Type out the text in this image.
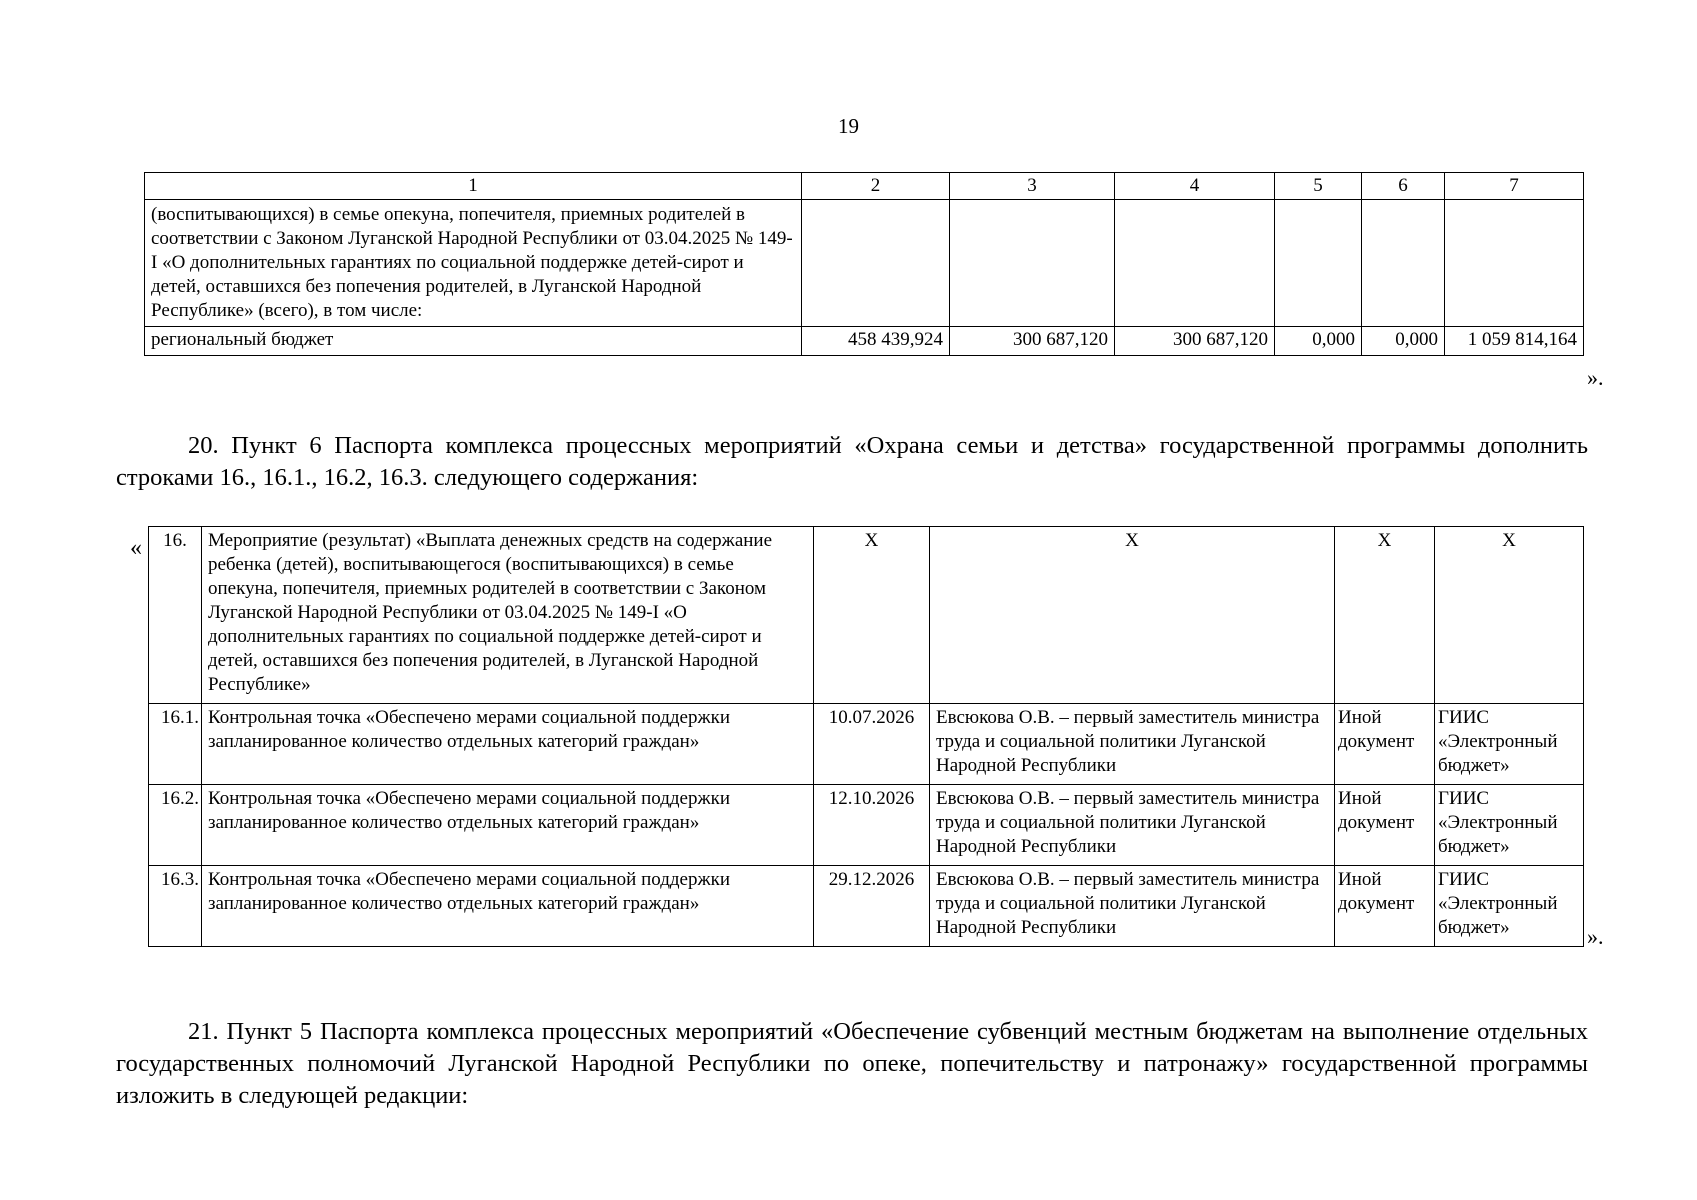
19
1	2	3	4	5	6	7
(воспитывающихся) в семье опекуна, попечителя, приемных родителей в соответствии с Законом Луганской Народной Республики от 03.04.2025 № 149-I «О дополнительных гарантиях по социальной поддержке детей-сирот и детей, оставшихся без попечения родителей, в Луганской Народной Республике» (всего), в том числе:						
региональный бюджет	458 439,924	300 687,120	300 687,120	0,000	0,000	1 059 814,164
».
20. Пункт 6 Паспорта комплекса процессных мероприятий «Охрана семьи и детства» государственной программы дополнить строками 16., 16.1., 16.2, 16.3. следующего содержания:
« 16.	Мероприятие (результат) «Выплата денежных средств на содержание ребенка (детей), воспитывающегося (воспитывающихся) в семье опекуна, попечителя, приемных родителей в соответствии с Законом Луганской Народной Республики от 03.04.2025 № 149-I «О дополнительных гарантиях по социальной поддержке детей-сирот и детей, оставшихся без попечения родителей, в Луганской Народной Республике»	X	X	X	X
16.1.	Контрольная точка «Обеспечено мерами социальной поддержки запланированное количество отдельных категорий граждан»	10.07.2026	Евсюкова О.В. – первый заместитель министра труда и социальной политики Луганской Народной Республики	Иной документ	ГИИС «Электронный бюджет»
16.2.	Контрольная точка «Обеспечено мерами социальной поддержки запланированное количество отдельных категорий граждан»	12.10.2026	Евсюкова О.В. – первый заместитель министра труда и социальной политики Луганской Народной Республики	Иной документ	ГИИС «Электронный бюджет»
16.3.	Контрольная точка «Обеспечено мерами социальной поддержки запланированное количество отдельных категорий граждан»	29.12.2026	Евсюкова О.В. – первый заместитель министра труда и социальной политики Луганской Народной Республики	Иной документ	ГИИС «Электронный бюджет»	».
21. Пункт 5 Паспорта комплекса процессных мероприятий «Обеспечение субвенций местным бюджетам на выполнение отдельных государственных полномочий Луганской Народной Республики по опеке, попечительству и патронажу» государственной программы изложить в следующей редакции:
